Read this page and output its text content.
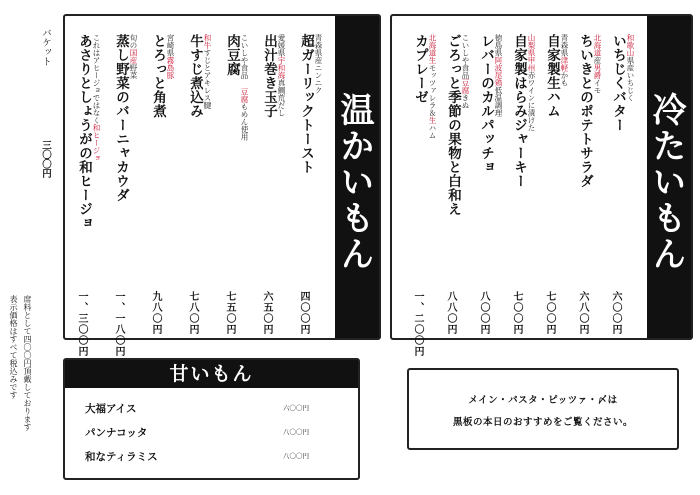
バケット
三〇〇円
席料として四〇〇円頂戴しております
表示価格はすべて税込みです
温かいもん
青森県産ニンニク
超ガーリックトースト
四〇〇円
愛媛県宇和海真鯛荒だし
出汁巻き玉子
六五〇円
こいしや食品 豆腐もめん使用
肉豆腐
七五〇円
和牛すじとアキレス腱
牛すじ煮込み
七八〇円
宮崎県霧島豚
とろっと角煮
九八〇円
旬の国産野菜
蒸し野菜のバーニャカウダ
一、一八〇円
これはアヒージョではなく和ヒージョ
あさりとしょうがの和ヒージョ
一、三〇〇円
冷たいもん
和歌山県産いちじく
いちじくバター
六〇〇円
北海道産男爵イモ
ちいきとのポテトサラダ
六八〇円
青森県津軽かも
自家製生ハム
七〇〇円
山梨県甲州赤ワインに漬けた
自家製はらみジャーキー
七〇〇円
徳島県阿波尾鶏低温調理
レバーのカルパッチョ
八〇〇円
こいしや食品豆腐きぬ
ごろっと季節の果物と白和え
八八〇円
北海道生モッツァレラ＆生ハム
カプレーゼ
一、二〇〇円
甘いもん
大福アイス	六〇〇円
パンナコッタ	八〇〇円
和なティラミス	八〇〇円
メイン・パスタ・ピッツァ・〆は
黒板の本日のおすすめをご覧ください。
